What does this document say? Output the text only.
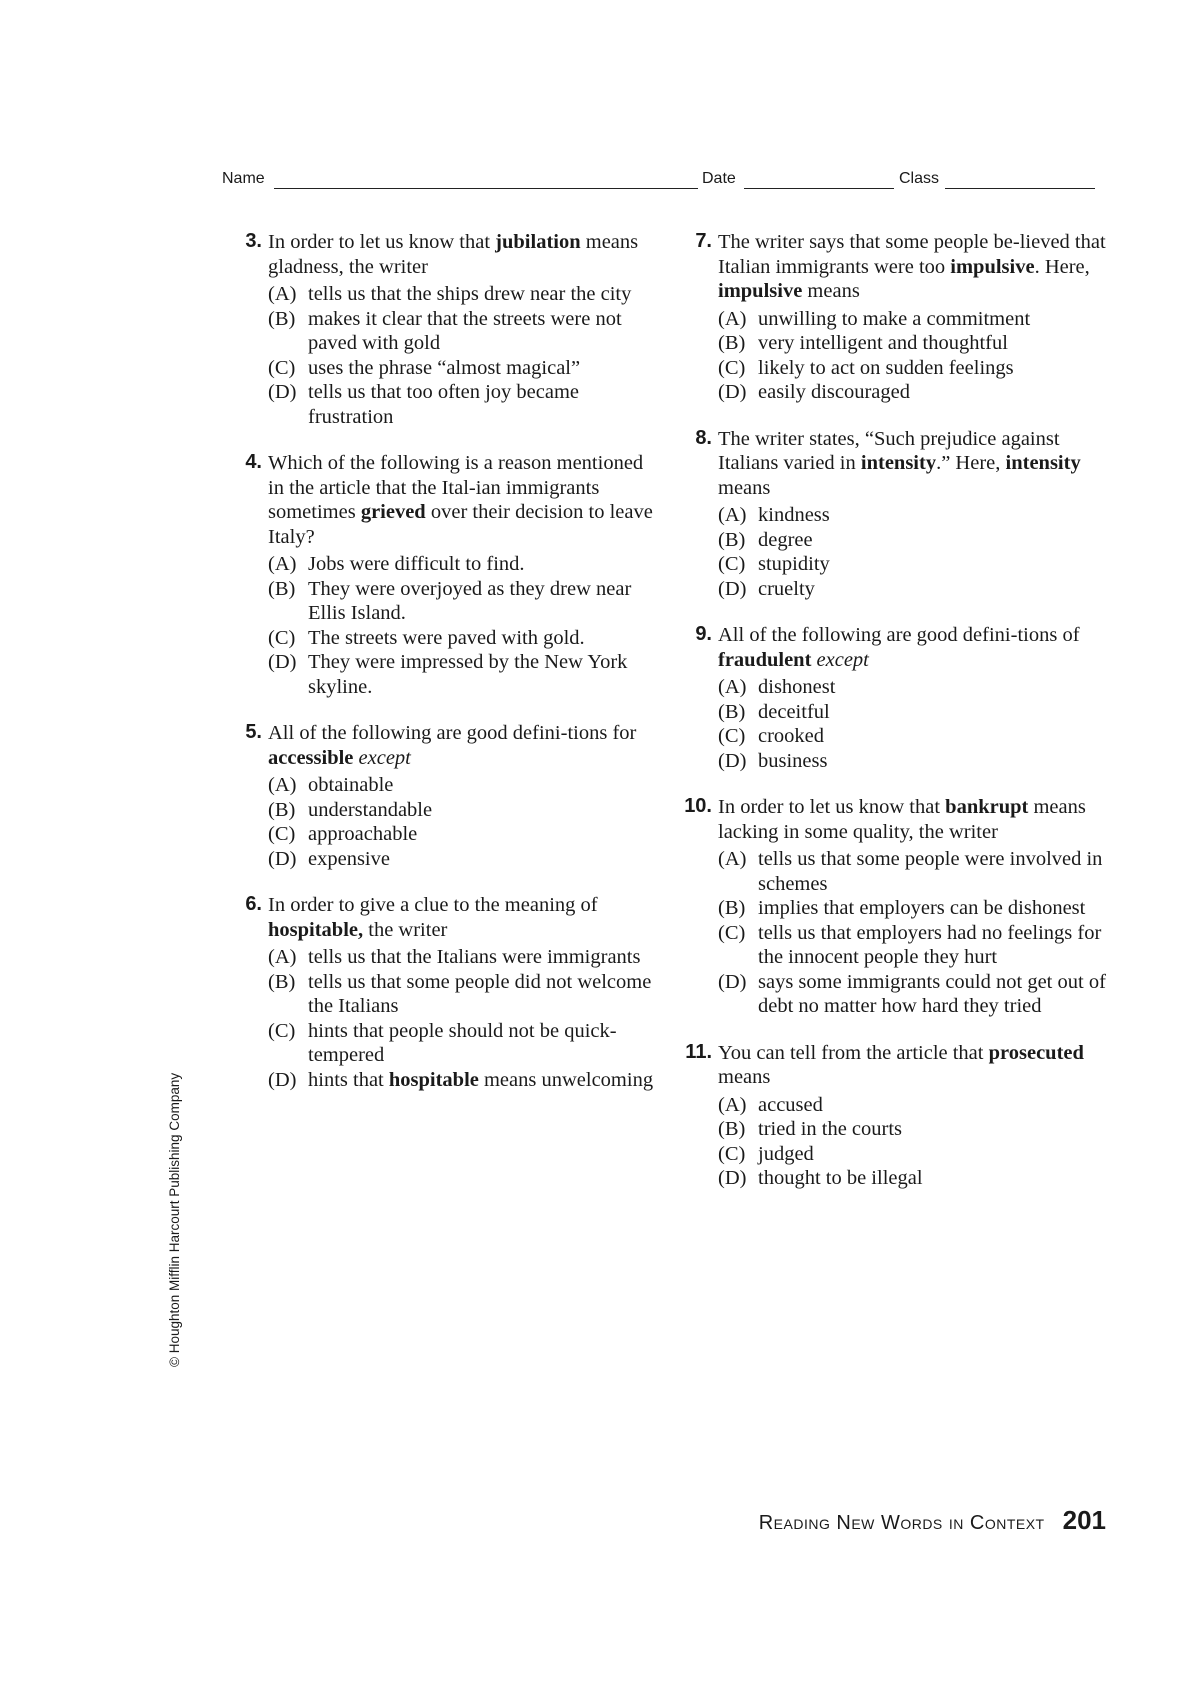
Name	Date	Class
3. In order to let us know that jubilation means gladness, the writer
(A) tells us that the ships drew near the city
(B) makes it clear that the streets were not paved with gold
(C) uses the phrase “almost magical”
(D) tells us that too often joy became frustration
4. Which of the following is a reason mentioned in the article that the Ital-ian immigrants sometimes grieved over their decision to leave Italy?
(A) Jobs were difficult to find.
(B) They were overjoyed as they drew near Ellis Island.
(C) The streets were paved with gold.
(D) They were impressed by the New York skyline.
5. All of the following are good defini-tions for accessible except
(A) obtainable
(B) understandable
(C) approachable
(D) expensive
6. In order to give a clue to the meaning of hospitable, the writer
(A) tells us that the Italians were immigrants
(B) tells us that some people did not welcome the Italians
(C) hints that people should not be quick-tempered
(D) hints that hospitable means unwelcoming
7. The writer says that some people be-lieved that Italian immigrants were too impulsive. Here, impulsive means
(A) unwilling to make a commitment
(B) very intelligent and thoughtful
(C) likely to act on sudden feelings
(D) easily discouraged
8. The writer states, “Such prejudice against Italians varied in intensity.” Here, intensity means
(A) kindness
(B) degree
(C) stupidity
(D) cruelty
9. All of the following are good defini-tions of fraudulent except
(A) dishonest
(B) deceitful
(C) crooked
(D) business
10. In order to let us know that bankrupt means lacking in some quality, the writer
(A) tells us that some people were involved in schemes
(B) implies that employers can be dishonest
(C) tells us that employers had no feelings for the innocent people they hurt
(D) says some immigrants could not get out of debt no matter how hard they tried
11. You can tell from the article that prosecuted means
(A) accused
(B) tried in the courts
(C) judged
(D) thought to be illegal
© Houghton Mifflin Harcourt Publishing Company
Reading New Words in Context 201
